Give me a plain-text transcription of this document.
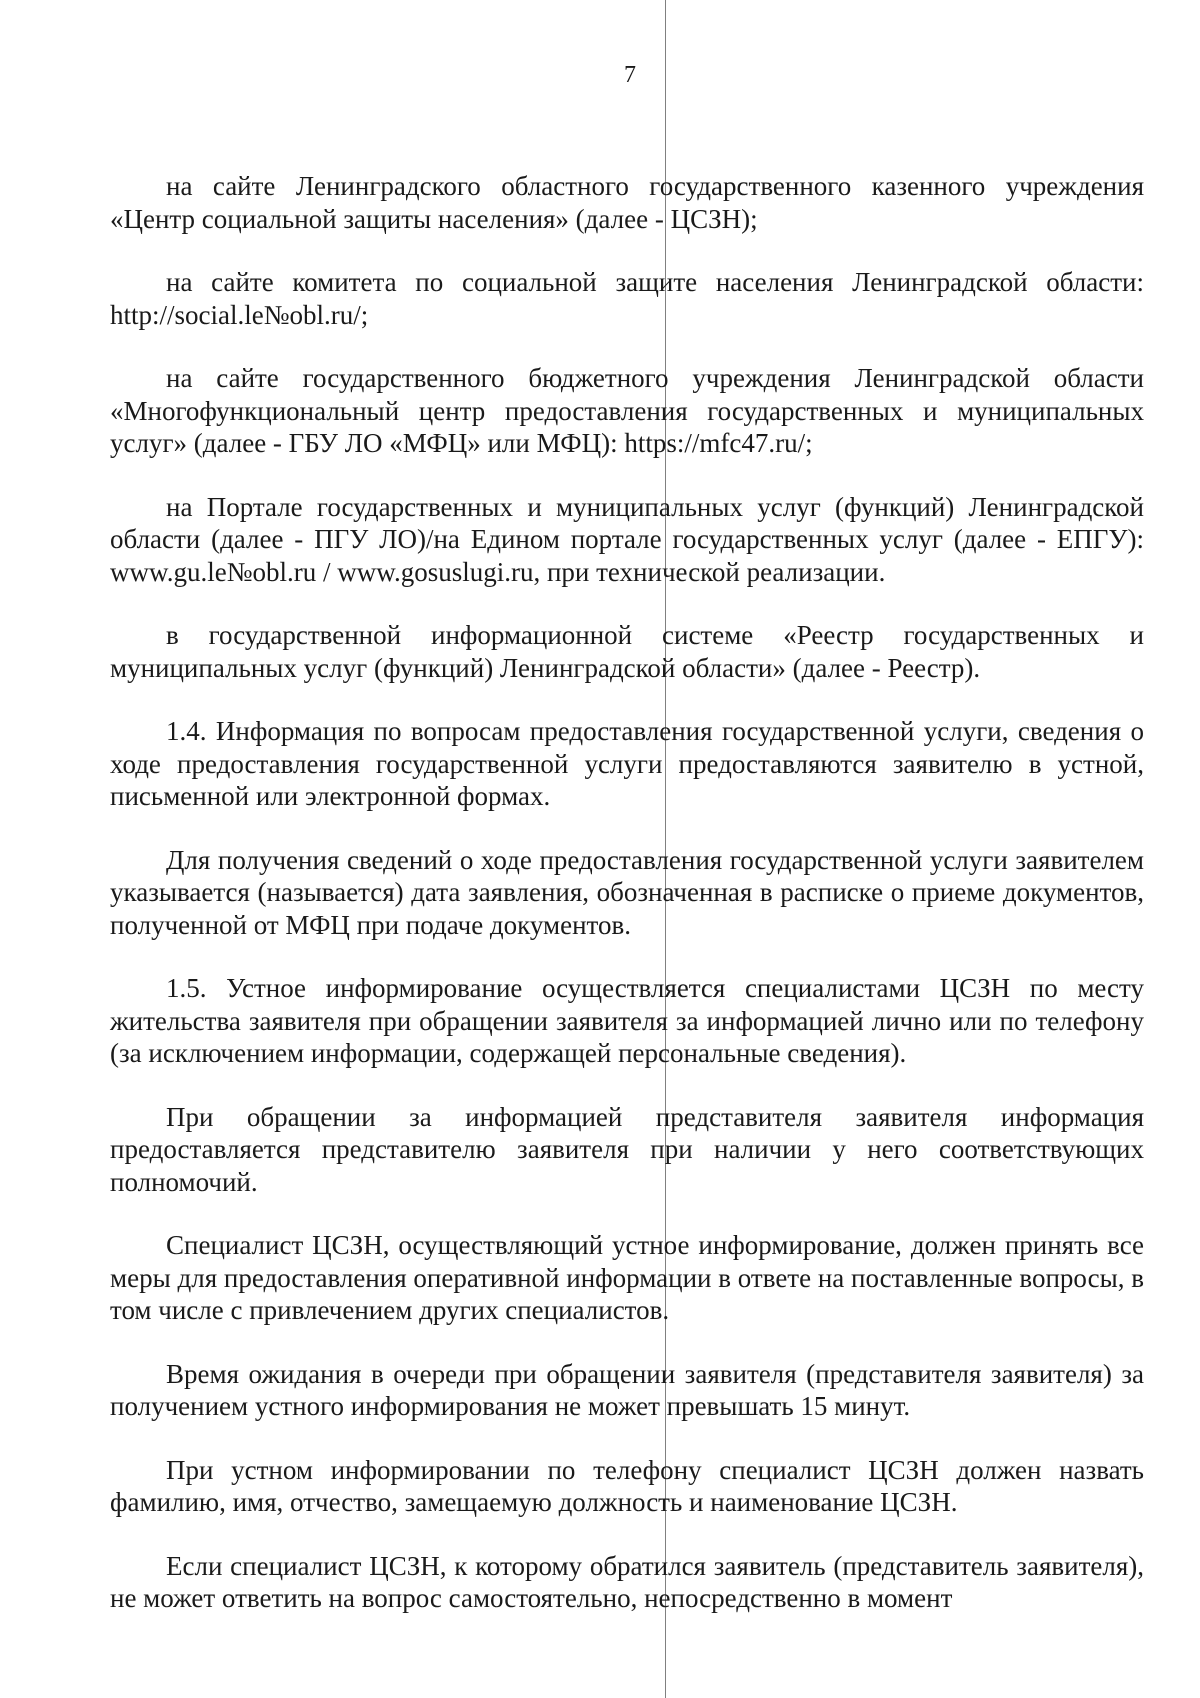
7

на сайте Ленинградского областного государственного казенного учреждения «Центр социальной защиты населения» (далее - ЦСЗН);

на сайте комитета по социальной защите населения Ленинградской области: http://social.le№obl.ru/;

на сайте государственного бюджетного учреждения Ленинградской области «Многофункциональный центр предоставления государственных и муниципальных услуг» (далее - ГБУ ЛО «МФЦ» или МФЦ): https://mfc47.ru/;

на Портале государственных и муниципальных услуг (функций) Ленинградской области (далее - ПГУ ЛО)/на Едином портале государственных услуг (далее - ЕПГУ): www.gu.le№obl.ru / www.gosuslugi.ru, при технической реализации.

в государственной информационной системе «Реестр государственных и муниципальных услуг (функций) Ленинградской области» (далее - Реестр).

1.4. Информация по вопросам предоставления государственной услуги, сведения о ходе предоставления государственной услуги предоставляются заявителю в устной, письменной или электронной формах.

Для получения сведений о ходе предоставления государственной услуги заявителем указывается (называется) дата заявления, обозначенная в расписке о приеме документов, полученной от МФЦ при подаче документов.

1.5. Устное информирование осуществляется специалистами ЦСЗН по месту жительства заявителя при обращении заявителя за информацией лично или по телефону (за исключением информации, содержащей персональные сведения).

При обращении за информацией представителя заявителя информация предоставляется представителю заявителя при наличии у него соответствующих полномочий.

Специалист ЦСЗН, осуществляющий устное информирование, должен принять все меры для предоставления оперативной информации в ответе на поставленные вопросы, в том числе с привлечением других специалистов.

Время ожидания в очереди при обращении заявителя (представителя заявителя) за получением устного информирования не может превышать 15 минут.

При устном информировании по телефону специалист ЦСЗН должен назвать фамилию, имя, отчество, замещаемую должность и наименование ЦСЗН.

Если специалист ЦСЗН, к которому обратился заявитель (представитель заявителя), не может ответить на вопрос самостоятельно, непосредственно в момент
